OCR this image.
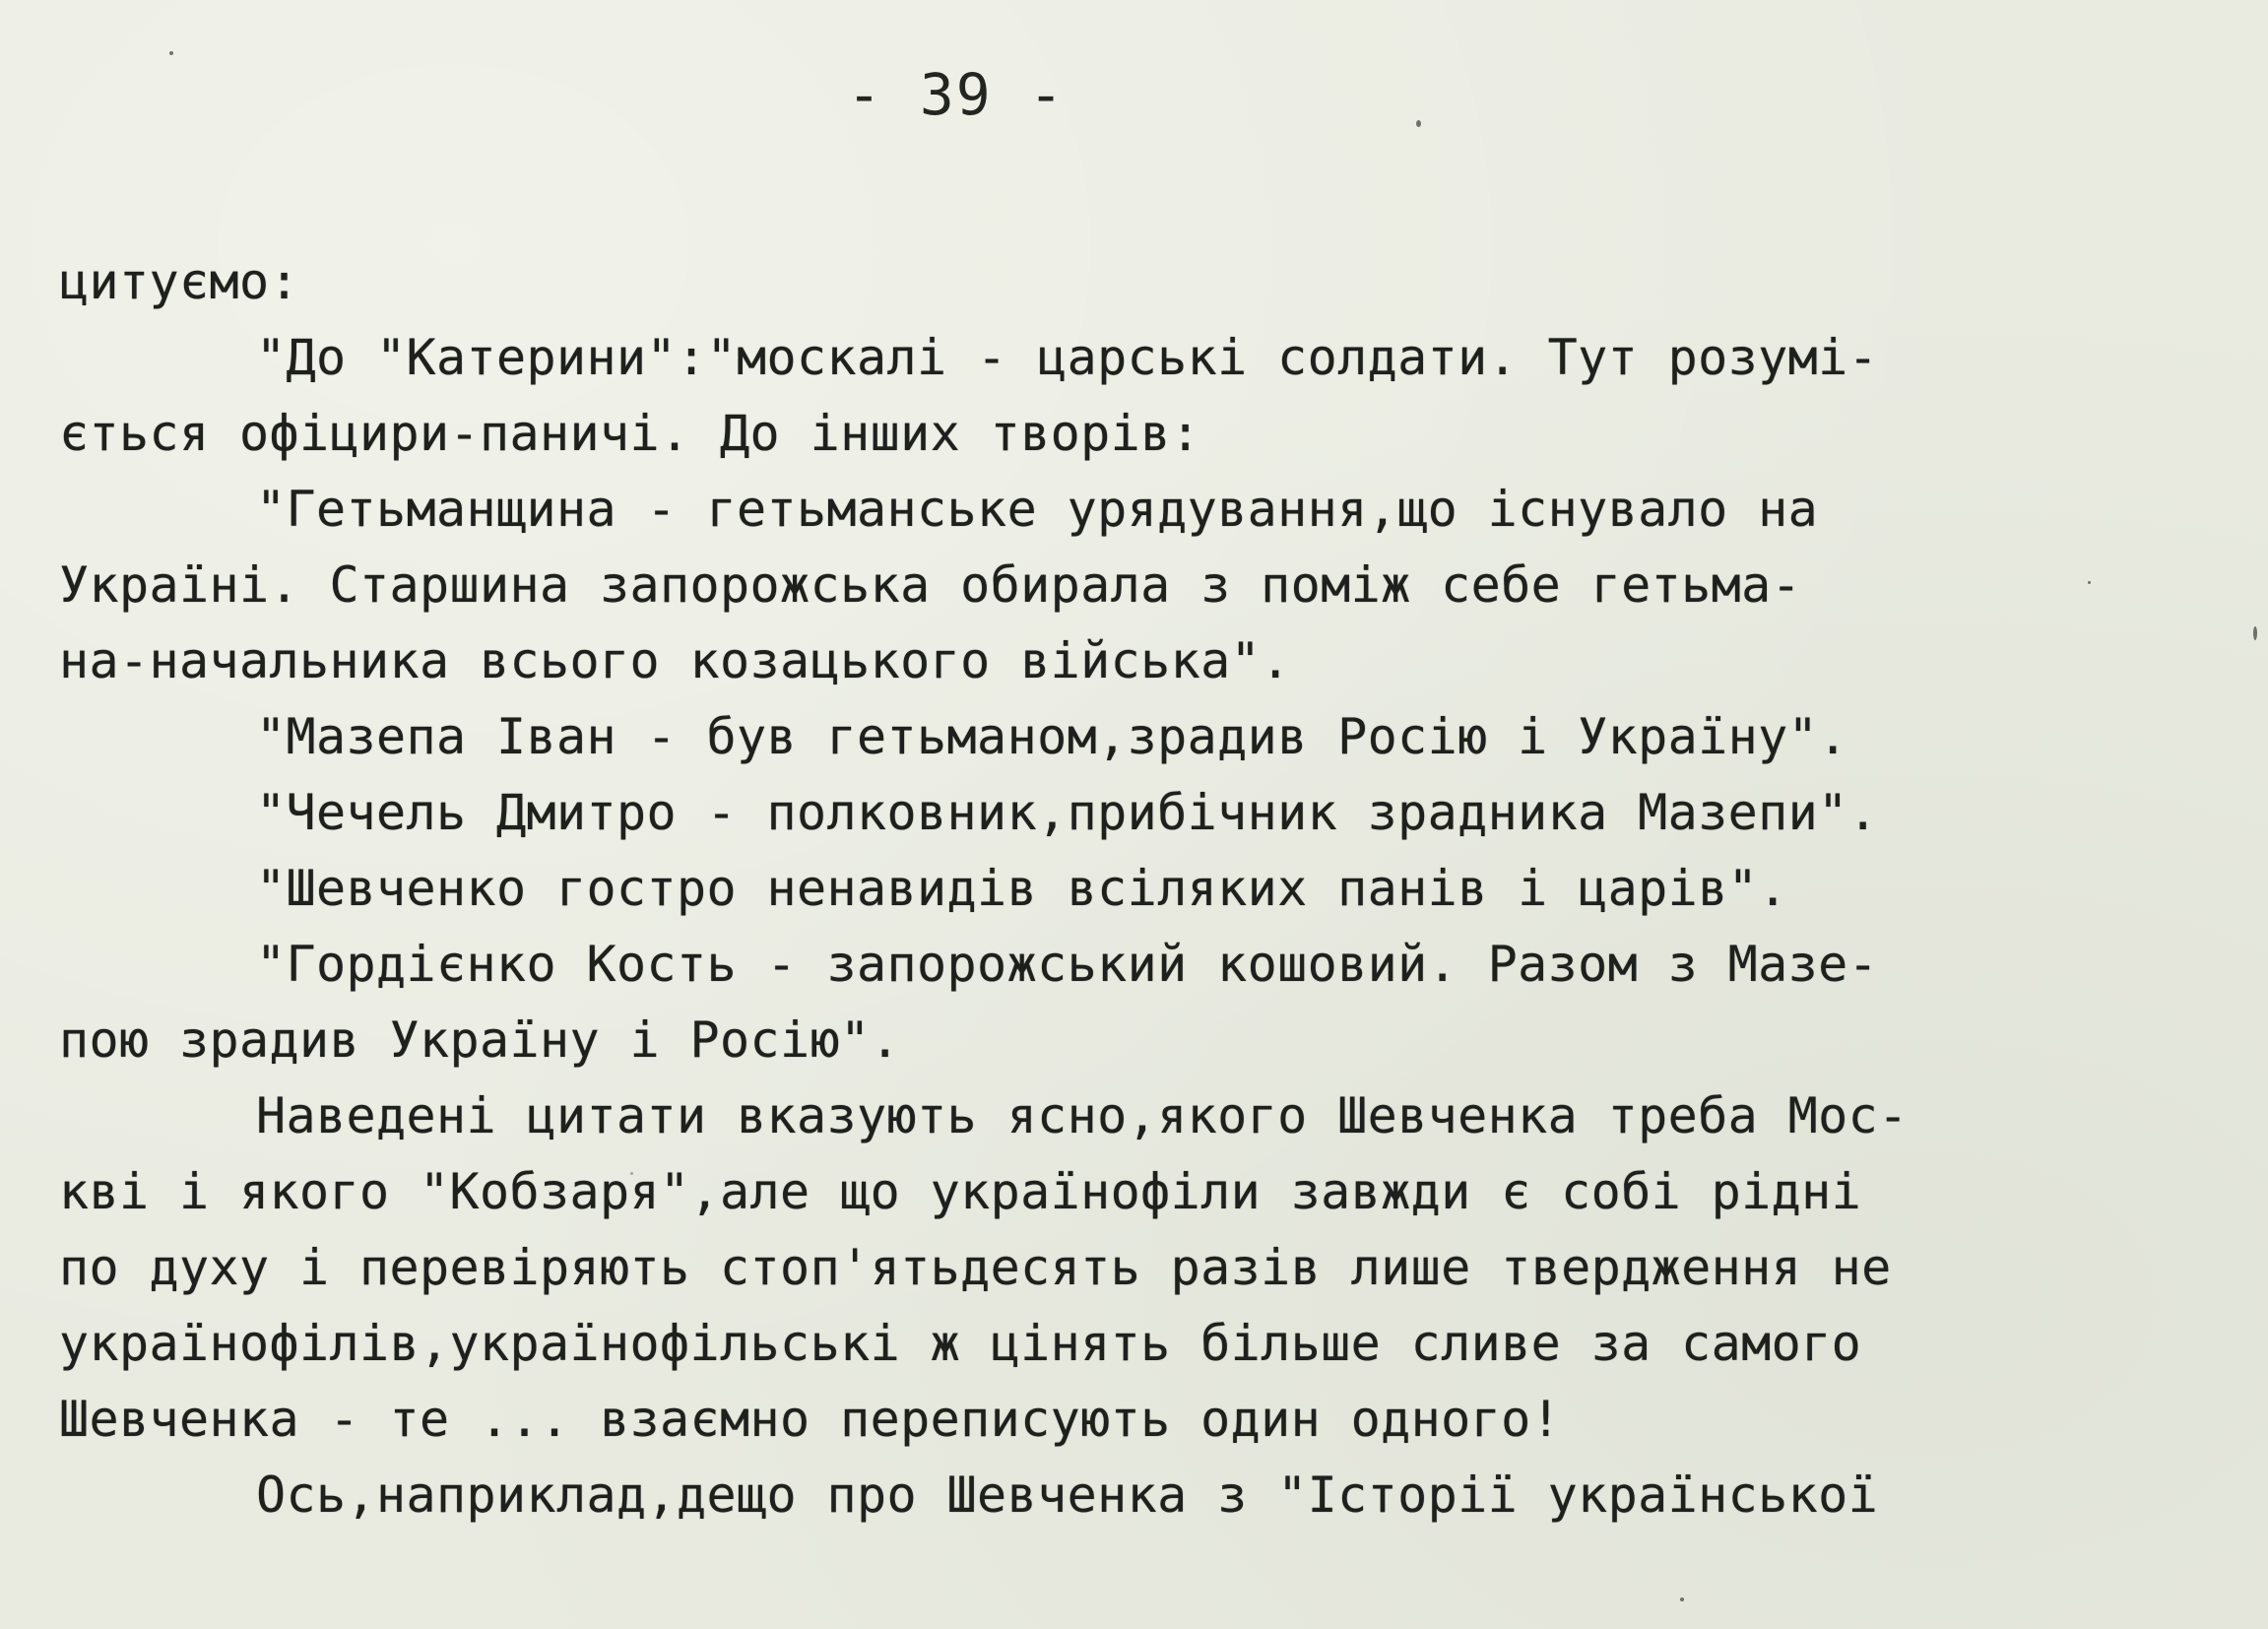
- 39 -
цитуємо:
"До "Катерини":"москалі - царські солдати. Тут розумі-
ється офіцири-паничі. До інших творів:
"Гетьманщина - гетьманське урядування,що існувало на
Україні. Старшина запорожська обирала з поміж себе гетьма-
на-начальника всього козацького війська".
"Мазепа Іван - був гетьманом,зрадив Росію і Україну".
"Чечель Дмитро - полковник,прибічник зрадника Мазепи".
"Шевченко гостро ненавидів всіляких панів і царів".
"Гордієнко Кость - запорожський кошовий. Разом з Мазе-
пою зрадив Україну і Росію".
Наведені цитати вказують ясно,якого Шевченка треба Мос-
кві і якого "Кобзаря",але що українофіли завжди є собі рідні
по духу і перевіряють стоп'ятьдесять разів лише твердження не
українофілів,українофільські ж цінять більше сливе за самого
Шевченка - те ... взаємно переписують один одного!
Ось,наприклад,дещо про Шевченка з "Історії української
